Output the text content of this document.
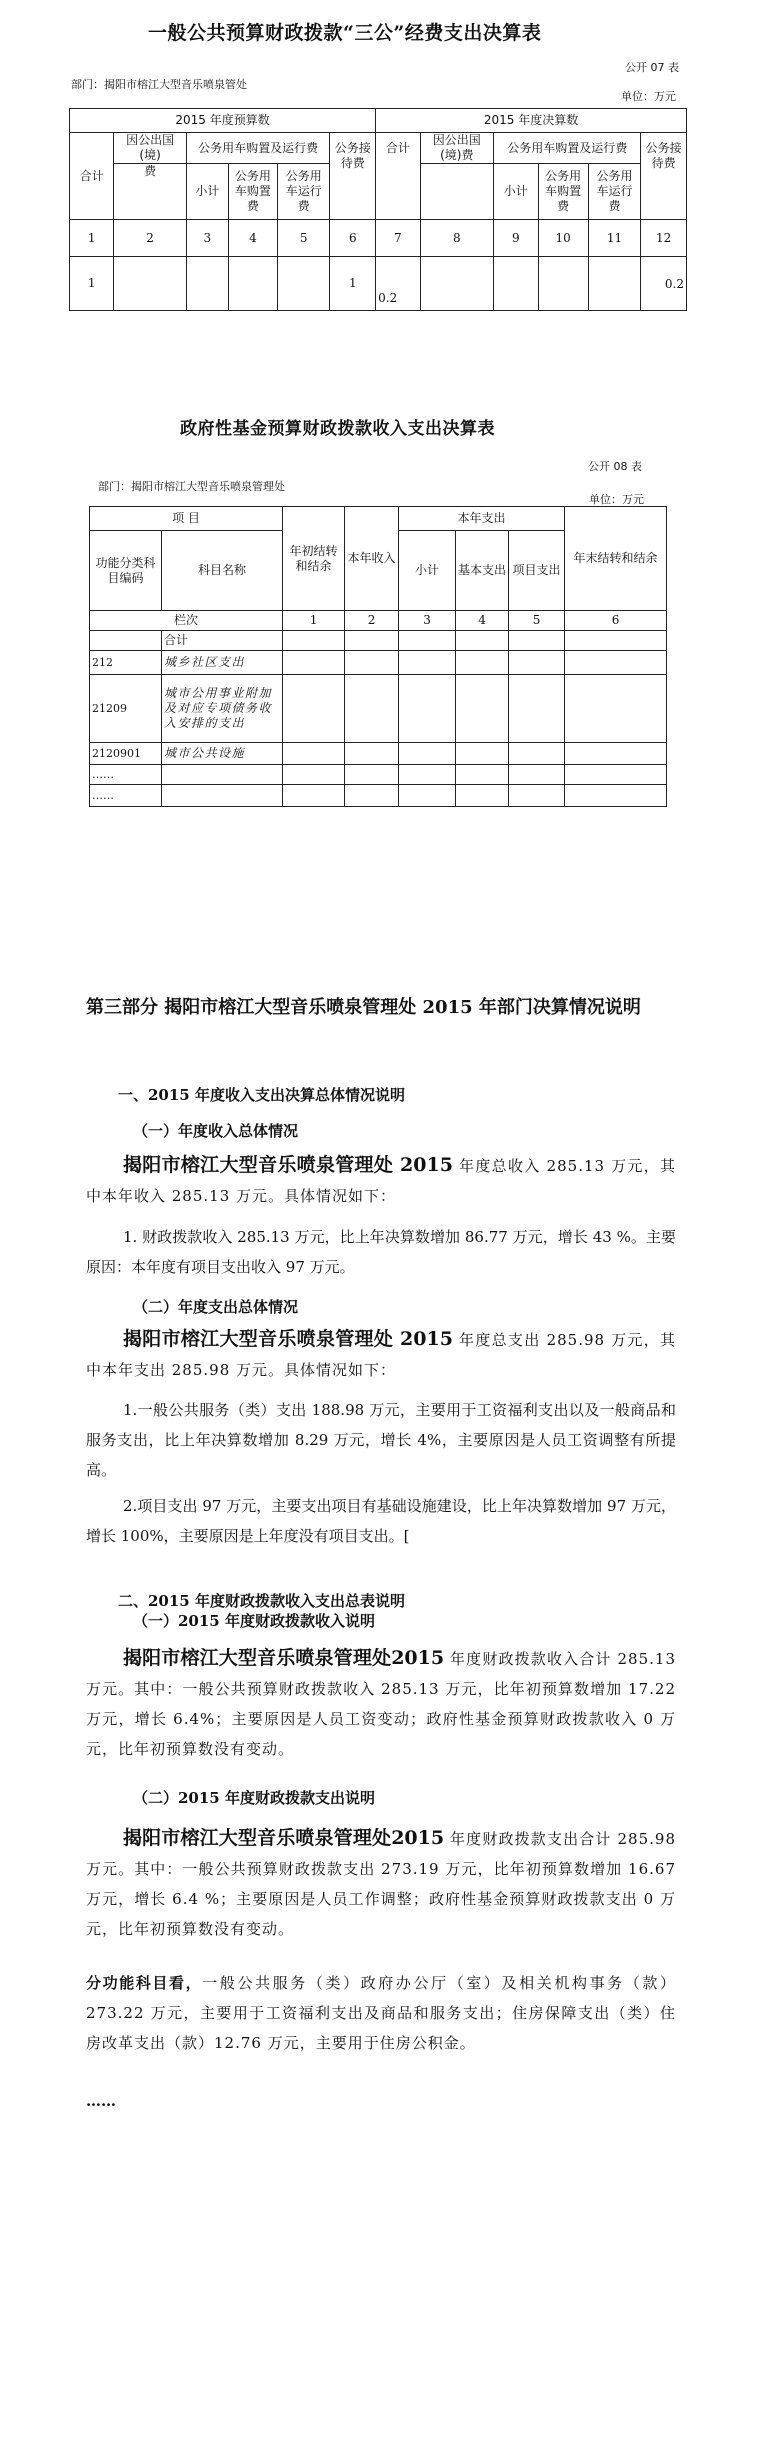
一般公共预算财政拨款“三公”经费支出决算表
公开 07 表
部门：揭阳市榕江大型音乐喷泉管处
单位：万元
2015 年度预算数						2015 年度决算数					
合计	因公出国(境)	公务用车购置及运行费			公务接待费	合计	因公出国(境)费	公务用车购置及运行费			公务接待费
	费	小计	公务用车购置费	公务用车运行费				小计	公务用车购置费	公务用车运行费	
1	2	3	4	5	6	7	8	9	10	11	12
1					1	0.2					0.2
政府性基金预算财政拨款收入支出决算表
公开 08 表
部门：揭阳市榕江大型音乐喷泉管理处
单位：万元
项 目		年初结转和结余	本年收入	本年支出			年末结转和结余
功能分类科目编码	科目名称			小计	基本支出	项目支出	
栏次		1	2	3	4	5	6
	合计						
212	城乡社区支出						
21209	城市公用事业附加及对应专项债务收入安排的支出						
2120901	城市公共设施						
……							
……							
第三部分 揭阳市榕江大型音乐喷泉管理处 2015 年部门决算情况说明
一、2015 年度收入支出决算总体情况说明
（一）年度收入总体情况
揭阳市榕江大型音乐喷泉管理处 2015 年度总收入 285.13 万元，其中本年收入 285.13 万元。具体情况如下：
1. 财政拨款收入 285.13 万元，比上年决算数增加 86.77 万元，增长 43 %。主要原因：本年度有项目支出收入 97 万元。
（二）年度支出总体情况
揭阳市榕江大型音乐喷泉管理处 2015 年度总支出 285.98 万元，其中本年支出 285.98 万元。具体情况如下：
1.一般公共服务（类）支出 188.98 万元，主要用于工资福利支出以及一般商品和服务支出，比上年决算数增加 8.29 万元，增长 4%，主要原因是人员工资调整有所提高。
2.项目支出 97 万元，主要支出项目有基础设施建设，比上年决算数增加 97 万元，增长 100%，主要原因是上年度没有项目支出。[
二、2015 年度财政拨款收入支出总表说明
（一）2015 年度财政拨款收入说明
揭阳市榕江大型音乐喷泉管理处2015 年度财政拨款收入合计 285.13 万元。其中：一般公共预算财政拨款收入 285.13 万元，比年初预算数增加 17.22 万元，增长 6.4%；主要原因是人员工资变动；政府性基金预算财政拨款收入 0 万元，比年初预算数没有变动。
（二）2015 年度财政拨款支出说明
揭阳市榕江大型音乐喷泉管理处2015 年度财政拨款支出合计 285.98 万元。其中：一般公共预算财政拨款支出 273.19 万元，比年初预算数增加 16.67 万元，增长 6.4 %；主要原因是人员工作调整；政府性基金预算财政拨款支出 0 万元，比年初预算数没有变动。
分功能科目看，一般公共服务（类）政府办公厅（室）及相关机构事务（款）273.22 万元，主要用于工资福利支出及商品和服务支出；住房保障支出（类）住房改革支出（款）12.76 万元，主要用于住房公积金。
……
